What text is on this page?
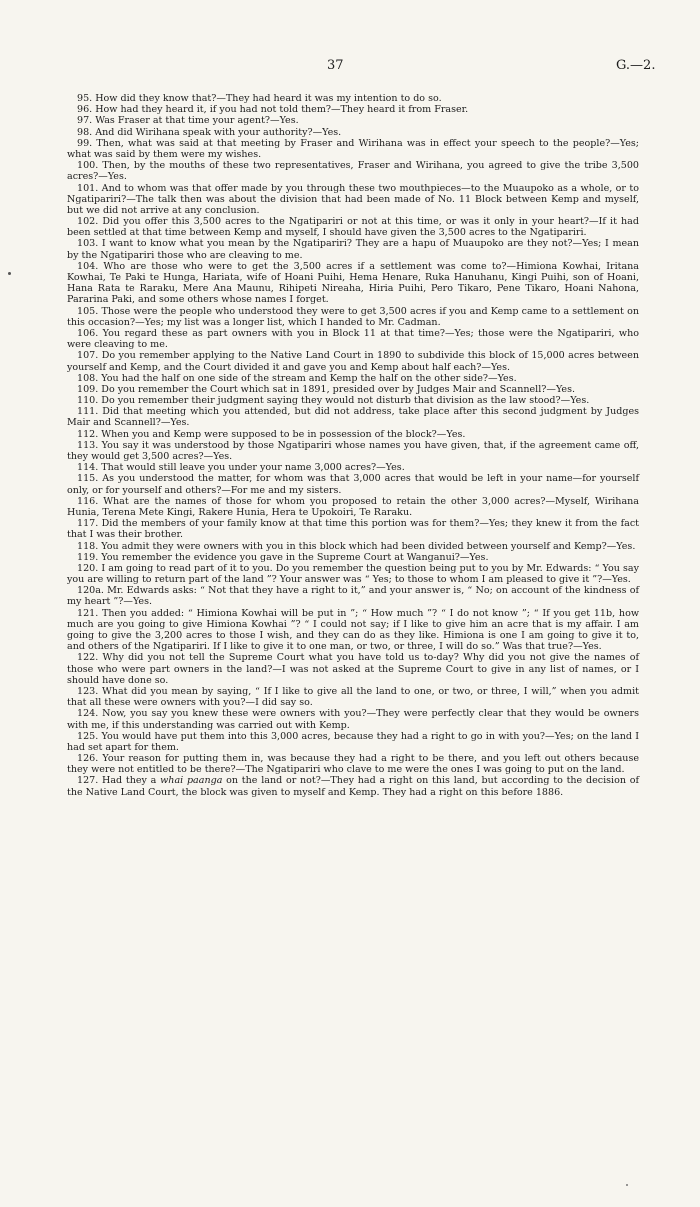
37	G.—2.

95. How did they know that?—They had heard it was my intention to do so.

96. How had they heard it, if you had not told them?—They heard it from Fraser.

97. Was Fraser at that time your agent?—Yes.

98. And did Wirihana speak with your authority?—Yes.

99. Then, what was said at that meeting by Fraser and Wirihana was in effect your speech to the people?—Yes; what was said by them were my wishes.

100. Then, by the mouths of these two representatives, Fraser and Wirihana, you agreed to give the tribe 3,500 acres?—Yes.

101. And to whom was that offer made by you through these two mouthpieces—to the Muaupoko as a whole, or to Ngatipariri?—The talk then was about the division that had been made of No. 11 Block between Kemp and myself, but we did not arrive at any conclusion.

102. Did you offer this 3,500 acres to the Ngatipariri or not at this time, or was it only in your heart?—If it had been settled at that time between Kemp and myself, I should have given the 3,500 acres to the Ngatipariri.

103. I want to know what you mean by the Ngatipariri? They are a hapu of Muaupoko are they not?—Yes; I mean by the Ngatipariri those who are cleaving to me.

104. Who are those who were to get the 3,500 acres if a settlement was come to?—Himiona Kowhai, Iritana Kowhai, Te Paki te Hunga, Hariata, wife of Hoani Puihi, Hema Henare, Ruka Hanuhanu, Kingi Puihi, son of Hoani, Hana Rata te Raraku, Mere Ana Maunu, Rihipeti Nireaha, Hiria Puihi, Pero Tikaro, Pene Tikaro, Hoani Nahona, Pararina Paki, and some others whose names I forget.

105. Those were the people who understood they were to get 3,500 acres if you and Kemp came to a settlement on this occasion?—Yes; my list was a longer list, which I handed to Mr. Cadman.

106. You regard these as part owners with you in Block 11 at that time?—Yes; those were the Ngatipariri, who were cleaving to me.

107. Do you remember applying to the Native Land Court in 1890 to subdivide this block of 15,000 acres between yourself and Kemp, and the Court divided it and gave you and Kemp about half each?—Yes.

108. You had the half on one side of the stream and Kemp the half on the other side?—Yes.

109. Do you remember the Court which sat in 1891, presided over by Judges Mair and Scannell?—Yes.

110. Do you remember their judgment saying they would not disturb that division as the law stood?—Yes.

111. Did that meeting which you attended, but did not address, take place after this second judgment by Judges Mair and Scannell?—Yes.

112. When you and Kemp were supposed to be in possession of the block?—Yes.

113. You say it was understood by those Ngatipariri whose names you have given, that, if the agreement came off, they would get 3,500 acres?—Yes.

114. That would still leave you under your name 3,000 acres?—Yes.

115. As you understood the matter, for whom was that 3,000 acres that would be left in your name—for yourself only, or for yourself and others?—For me and my sisters.

116. What are the names of those for whom you proposed to retain the other 3,000 acres?—Myself, Wirihana Hunia, Terena Mete Kingi, Rakere Hunia, Hera te Upokoiri, Te Raraku.

117. Did the members of your family know at that time this portion was for them?—Yes; they knew it from the fact that I was their brother.

118. You admit they were owners with you in this block which had been divided between yourself and Kemp?—Yes.

119. You remember the evidence you gave in the Supreme Court at Wanganui?—Yes.

120. I am going to read part of it to you. Do you remember the question being put to you by Mr. Edwards: “ You say you are willing to return part of the land ”? Your answer was “ Yes; to those to whom I am pleased to give it ”?—Yes.

120a. Mr. Edwards asks: “ Not that they have a right to it,” and your answer is, “ No; on account of the kindness of my heart ”?—Yes.

121. Then you added: “ Himiona Kowhai will be put in ”; “ How much ”? “ I do not know ”; “ If you get 11b, how much are you going to give Himiona Kowhai ”? “ I could not say; if I like to give him an acre that is my affair. I am going to give the 3,200 acres to those I wish, and they can do as they like. Himiona is one I am going to give it to, and others of the Ngatipariri. If I like to give it to one man, or two, or three, I will do so.” Was that true?—Yes.

122. Why did you not tell the Supreme Court what you have told us to-day? Why did you not give the names of those who were part owners in the land?—I was not asked at the Supreme Court to give in any list of names, or I should have done so.

123. What did you mean by saying, “ If I like to give all the land to one, or two, or three, I will,” when you admit that all these were owners with you?—I did say so.

124. Now, you say you knew these were owners with you?—They were perfectly clear that they would be owners with me, if this understanding was carried out with Kemp.

125. You would have put them into this 3,000 acres, because they had a right to go in with you?—Yes; on the land I had set apart for them.

126. Your reason for putting them in, was because they had a right to be there, and you left out others because they were not entitled to be there?—The Ngatipariri who clave to me were the ones I was going to put on the land.

127. Had they a whai paanga on the land or not?—They had a right on this land, but according to the decision of the Native Land Court, the block was given to myself and Kemp. They had a right on this before 1886.
